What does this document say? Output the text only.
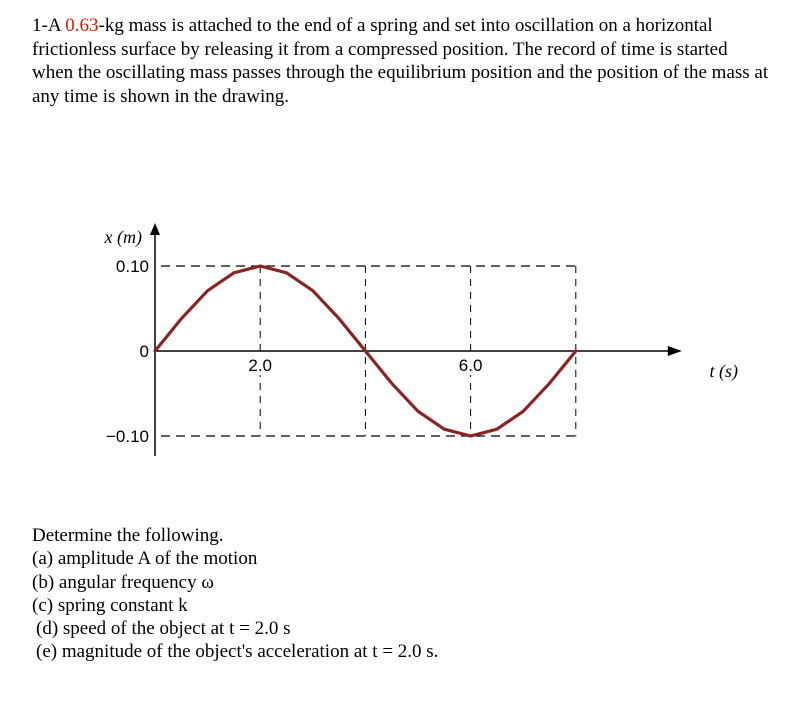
1-A 0.63-kg mass is attached to the end of a spring and set into oscillation on a horizontal frictionless surface by releasing it from a compressed position. The record of time is started when the oscillating mass passes through the equilibrium position and the position of the mass at any time is shown in the drawing.
0.10
0
−0.10
2.0	6.0
x (m)
t (s)
Determine the following.
(a) amplitude A of the motion
(b) angular frequency ω
(c) spring constant k
(d) speed of the object at t = 2.0 s
(e) magnitude of the object's acceleration at t = 2.0 s.
